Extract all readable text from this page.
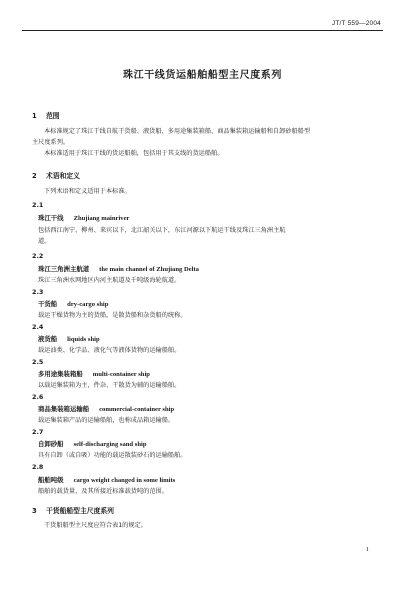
JT/T 559—2004
珠江干线货运船舶船型主尺度系列
1 范围
本标准规定了珠江干线自航干货船、液货船、多用途集装箱船、商品集装箱运输船和自卸砂船船型
主尺度系列。
本标准适用于珠江干线的货运船舶，包括用于其支线的货运船舶。
2 术语和定义
下列术语和定义适用于本标准。
2.1
珠江干线 Zhujiang mainriver
包括西江南宁、柳州、来宾以下，北江韶关以下，东江河源以下航运干线及珠江三角洲主航
道。
2.2
珠江三角洲主航道 the main channel of Zhujiang Delta
珠江三角洲水网地区内河主航道及千吨级海轮航道。
2.3
干货船 dry-cargo ship
载运干燥货物为主的货船，是散货船和杂货船的统称。
2.4
液货船 liquids ship
载运油类、化学品、液化气等液体货物的运输船舶。
2.5
多用途集装箱船 multi-container ship
以载运集装箱为主，件杂、干散货为辅的运输船舶。
2.6
商品集装箱运输船 commercial-container ship
载运集装箱产品的运输船舶，也称成品箱运输船。
2.7
自卸砂船 self-discharging sand ship
具有自卸（或自吸）功能的载运散装砂石的运输船舶。
2.8
船舶吨级 cargo weight changed in some limits
船舶的载货量，及其所接近标准载货吨的范围。
3 干货船船型主尺度系列
干货船船型主尺度应符合表1的规定。
1
